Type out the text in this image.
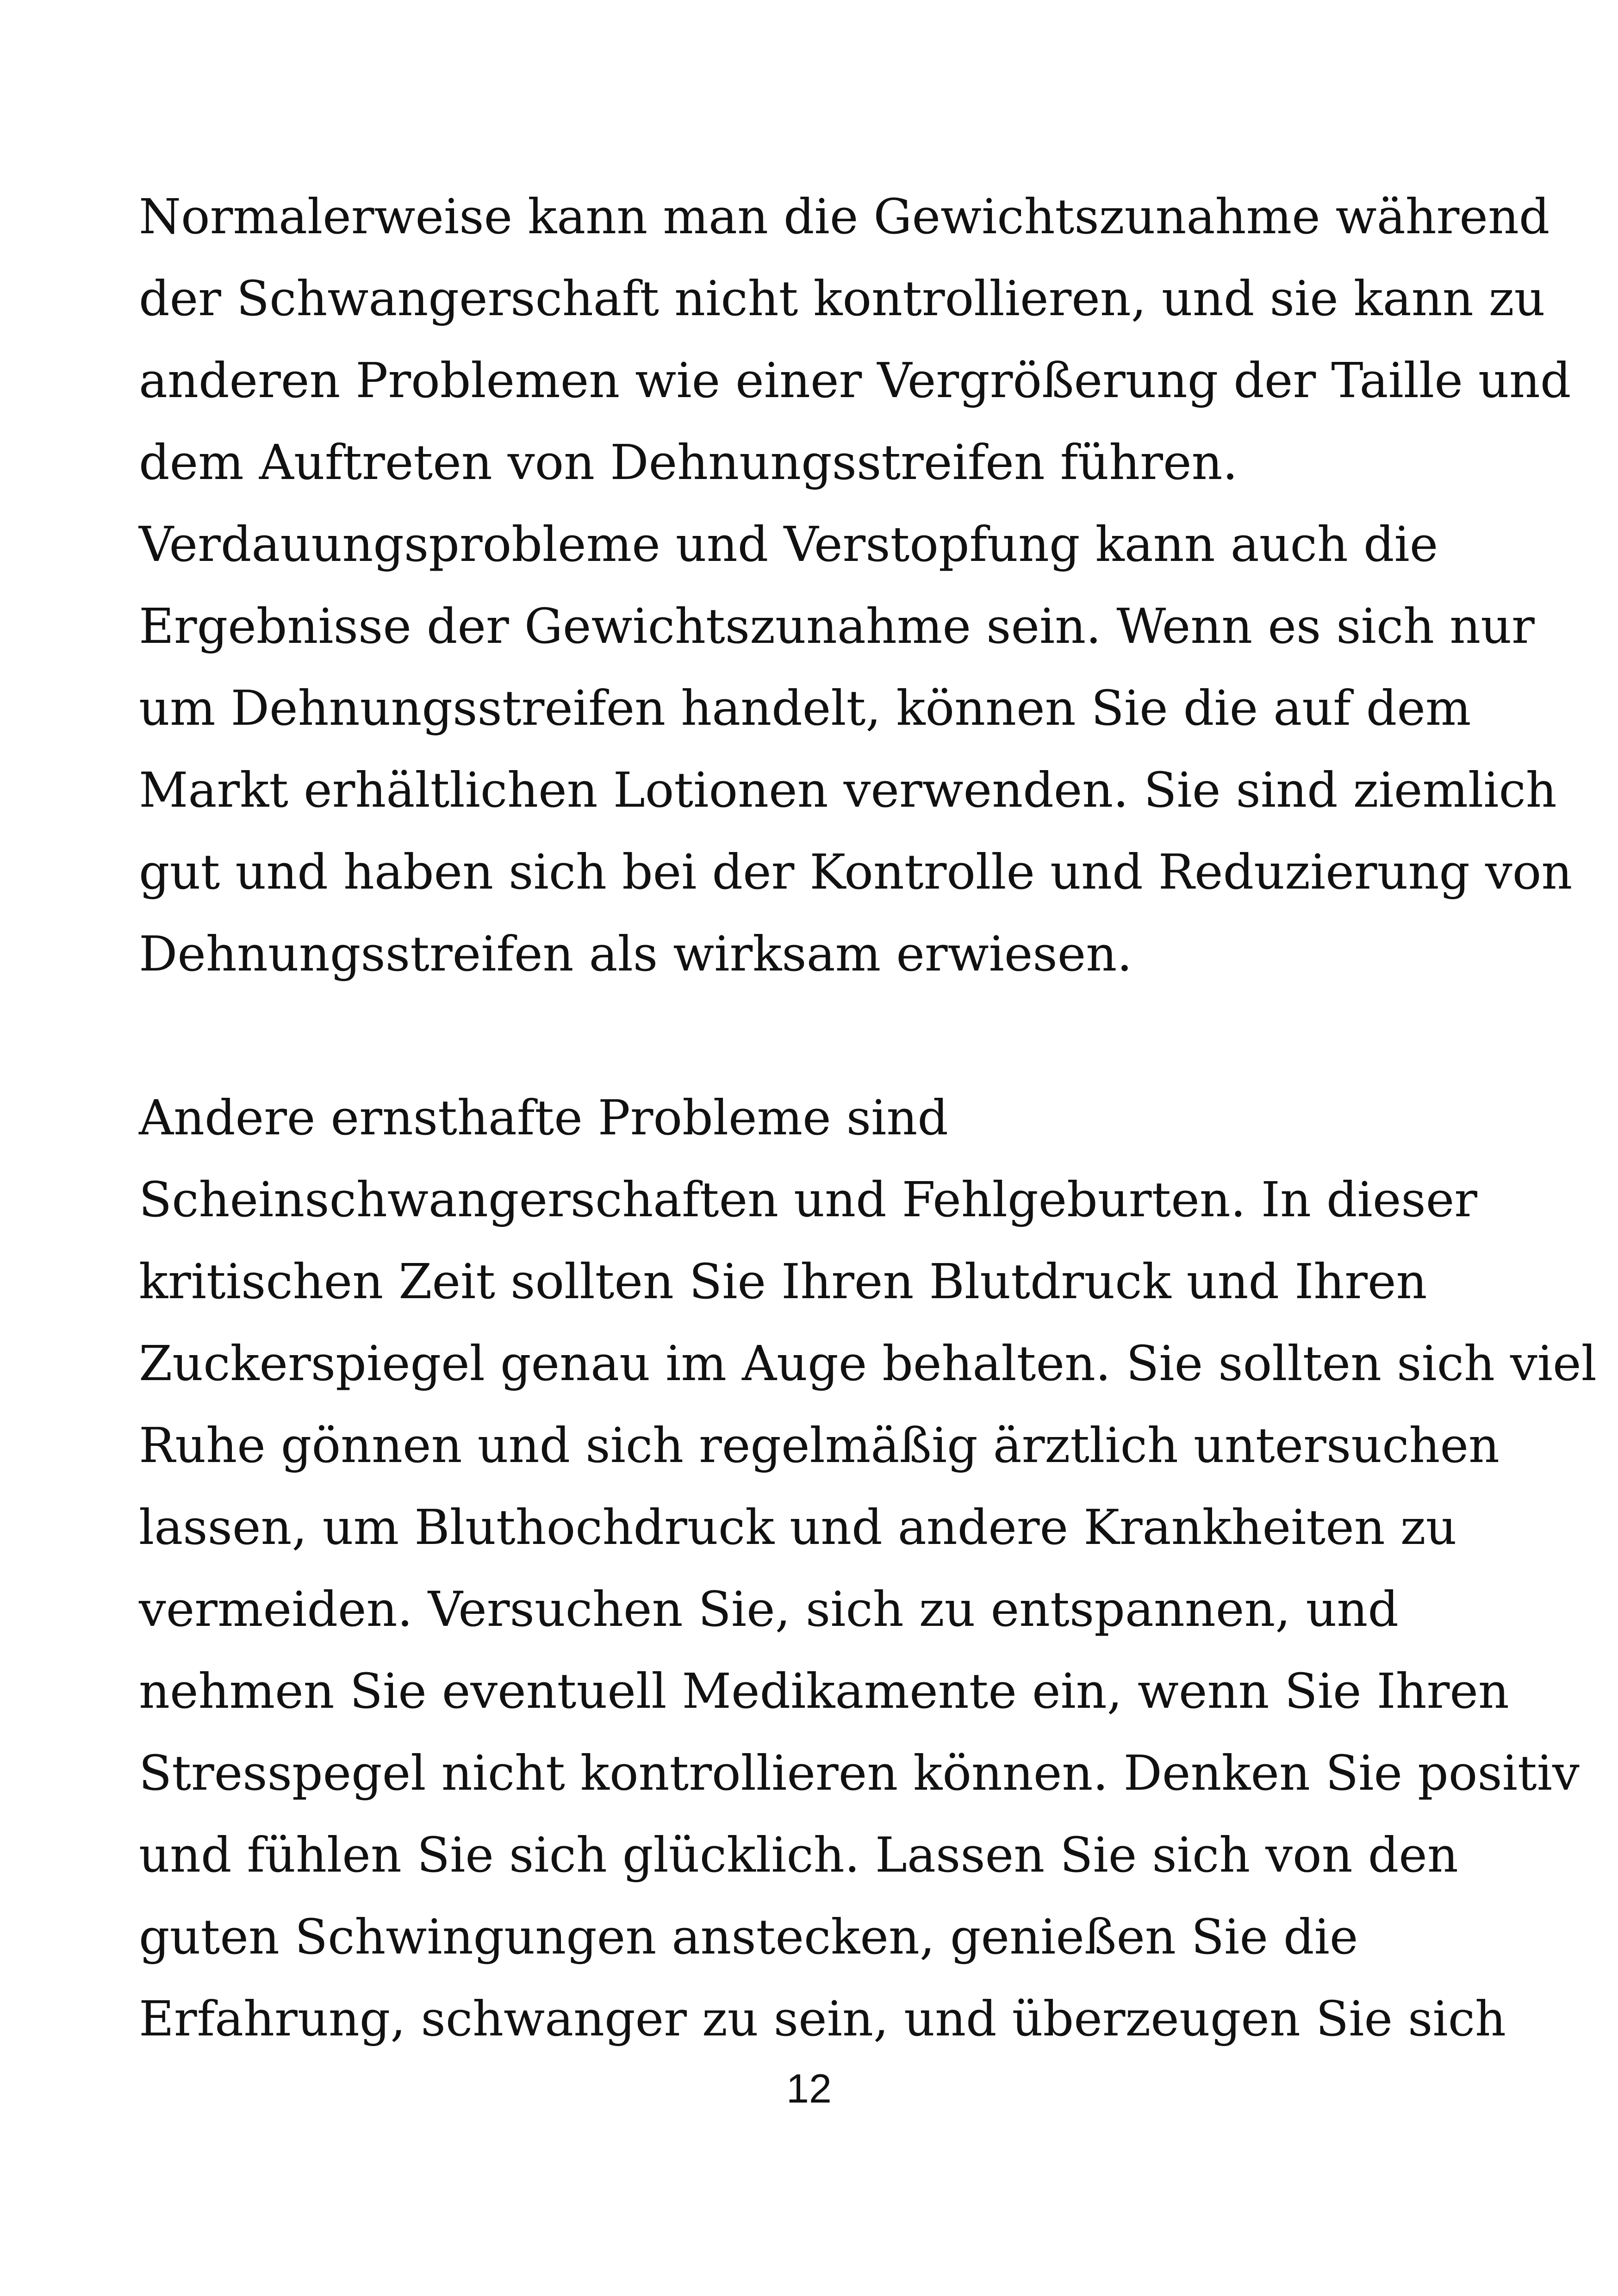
Normalerweise kann man die Gewichtszunahme während
der Schwangerschaft nicht kontrollieren, und sie kann zu
anderen Problemen wie einer Vergrößerung der Taille und
dem Auftreten von Dehnungsstreifen führen.
Verdauungsprobleme und Verstopfung kann auch die
Ergebnisse der Gewichtszunahme sein. Wenn es sich nur
um Dehnungsstreifen handelt, können Sie die auf dem
Markt erhältlichen Lotionen verwenden. Sie sind ziemlich
gut und haben sich bei der Kontrolle und Reduzierung von
Dehnungsstreifen als wirksam erwiesen.
Andere ernsthafte Probleme sind
Scheinschwangerschaften und Fehlgeburten. In dieser
kritischen Zeit sollten Sie Ihren Blutdruck und Ihren
Zuckerspiegel genau im Auge behalten. Sie sollten sich viel
Ruhe gönnen und sich regelmäßig ärztlich untersuchen
lassen, um Bluthochdruck und andere Krankheiten zu
vermeiden. Versuchen Sie, sich zu entspannen, und
nehmen Sie eventuell Medikamente ein, wenn Sie Ihren
Stresspegel nicht kontrollieren können. Denken Sie positiv
und fühlen Sie sich glücklich. Lassen Sie sich von den
guten Schwingungen anstecken, genießen Sie die
Erfahrung, schwanger zu sein, und überzeugen Sie sich
12
